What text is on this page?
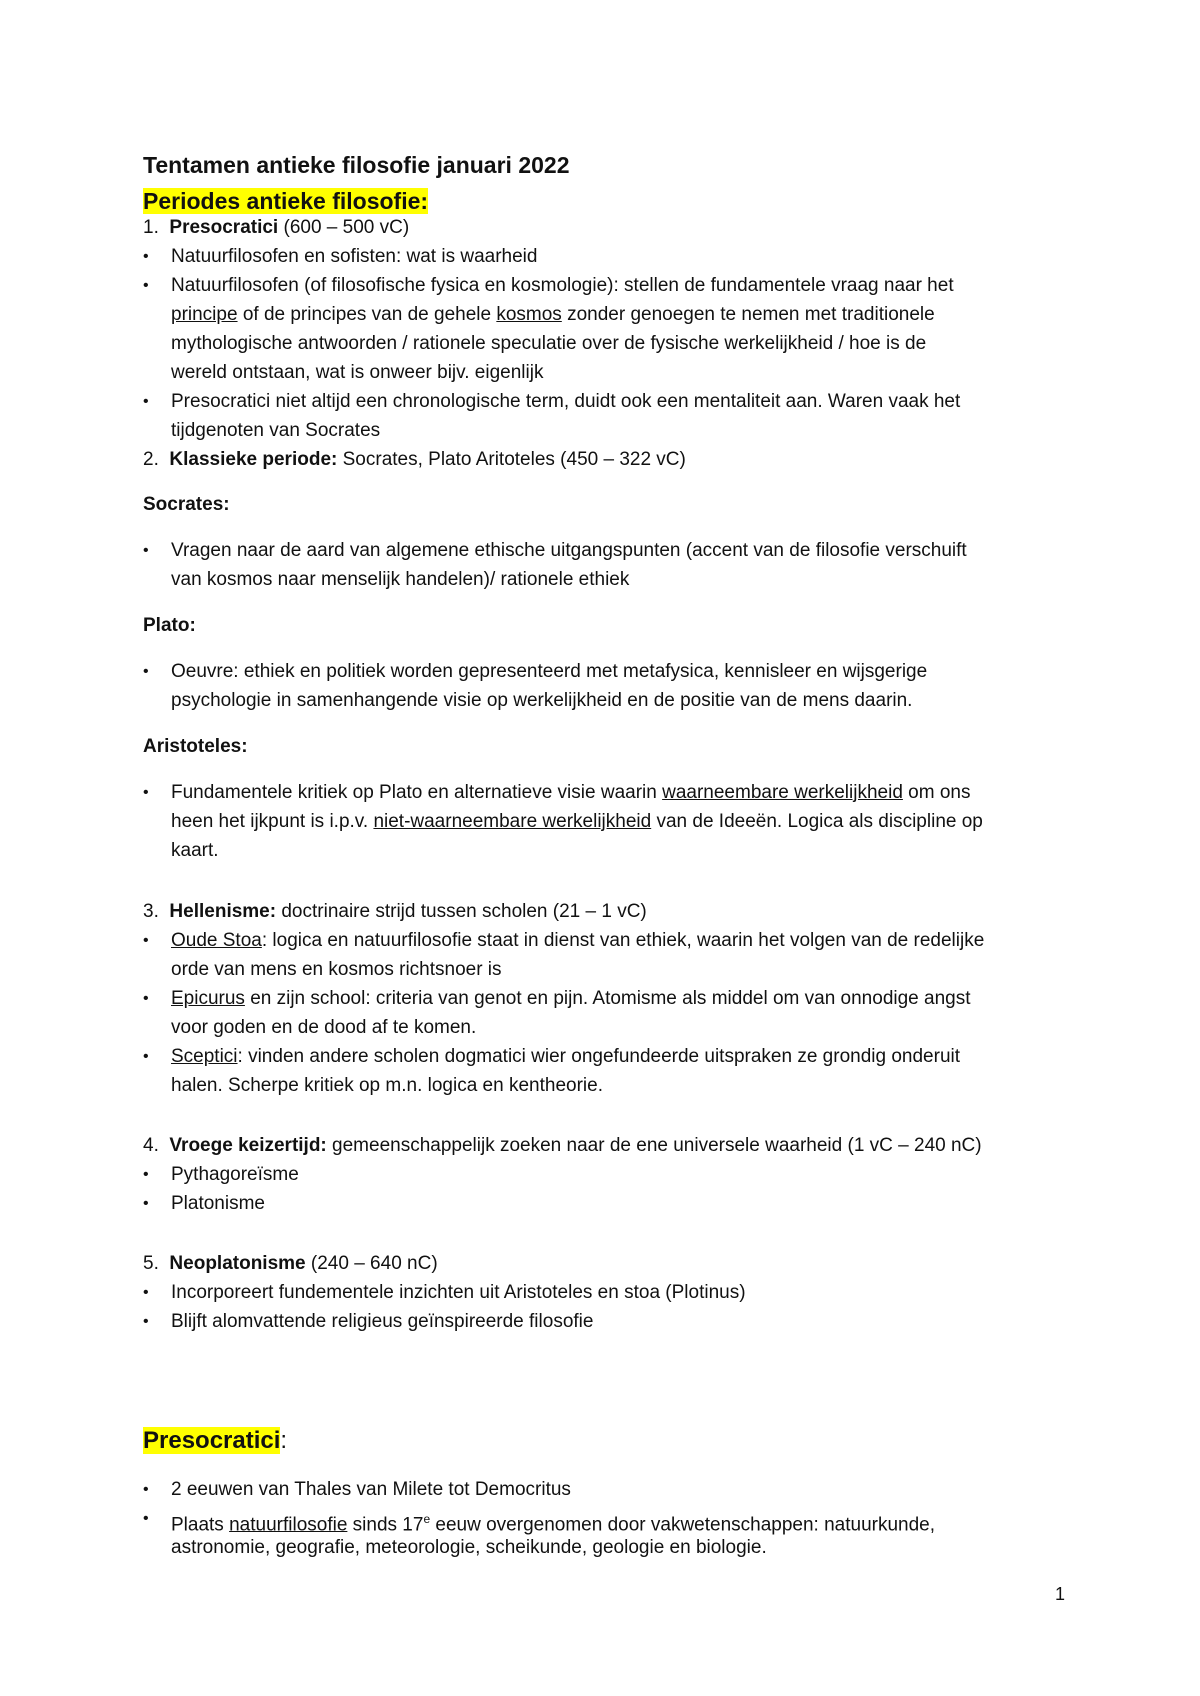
Tentamen antieke filosofie januari 2022
Periodes antieke filosofie:
1. Presocratici (600 – 500 vC)
• Natuurfilosofen en sofisten: wat is waarheid
• Natuurfilosofen (of filosofische fysica en kosmologie): stellen de fundamentele vraag naar het
principe of de principes van de gehele kosmos zonder genoegen te nemen met traditionele
mythologische antwoorden / rationele speculatie over de fysische werkelijkheid / hoe is de
wereld ontstaan, wat is onweer bijv. eigenlijk
• Presocratici niet altijd een chronologische term, duidt ook een mentaliteit aan. Waren vaak het
tijdgenoten van Socrates
2. Klassieke periode: Socrates, Plato Aritoteles (450 – 322 vC)
Socrates:
• Vragen naar de aard van algemene ethische uitgangspunten (accent van de filosofie verschuift
van kosmos naar menselijk handelen)/ rationele ethiek
Plato:
• Oeuvre: ethiek en politiek worden gepresenteerd met metafysica, kennisleer en wijsgerige
psychologie in samenhangende visie op werkelijkheid en de positie van de mens daarin.
Aristoteles:
• Fundamentele kritiek op Plato en alternatieve visie waarin waarneembare werkelijkheid om ons
heen het ijkpunt is i.p.v. niet-waarneembare werkelijkheid van de Ideeën. Logica als discipline op
kaart.
3. Hellenisme: doctrinaire strijd tussen scholen (21 – 1 vC)
• Oude Stoa: logica en natuurfilosofie staat in dienst van ethiek, waarin het volgen van de redelijke
orde van mens en kosmos richtsnoer is
• Epicurus en zijn school: criteria van genot en pijn. Atomisme als middel om van onnodige angst
voor goden en de dood af te komen.
• Sceptici: vinden andere scholen dogmatici wier ongefundeerde uitspraken ze grondig onderuit
halen. Scherpe kritiek op m.n. logica en kentheorie.
4. Vroege keizertijd: gemeenschappelijk zoeken naar de ene universele waarheid (1 vC – 240 nC)
• Pythagoreïsme
• Platonisme
5. Neoplatonisme (240 – 640 nC)
• Incorporeert fundementele inzichten uit Aristoteles en stoa (Plotinus)
• Blijft alomvattende religieus geïnspireerde filosofie
Presocratici:
• 2 eeuwen van Thales van Milete tot Democritus
• Plaats natuurfilosofie sinds 17e eeuw overgenomen door vakwetenschappen: natuurkunde,
astronomie, geografie, meteorologie, scheikunde, geologie en biologie.
1
